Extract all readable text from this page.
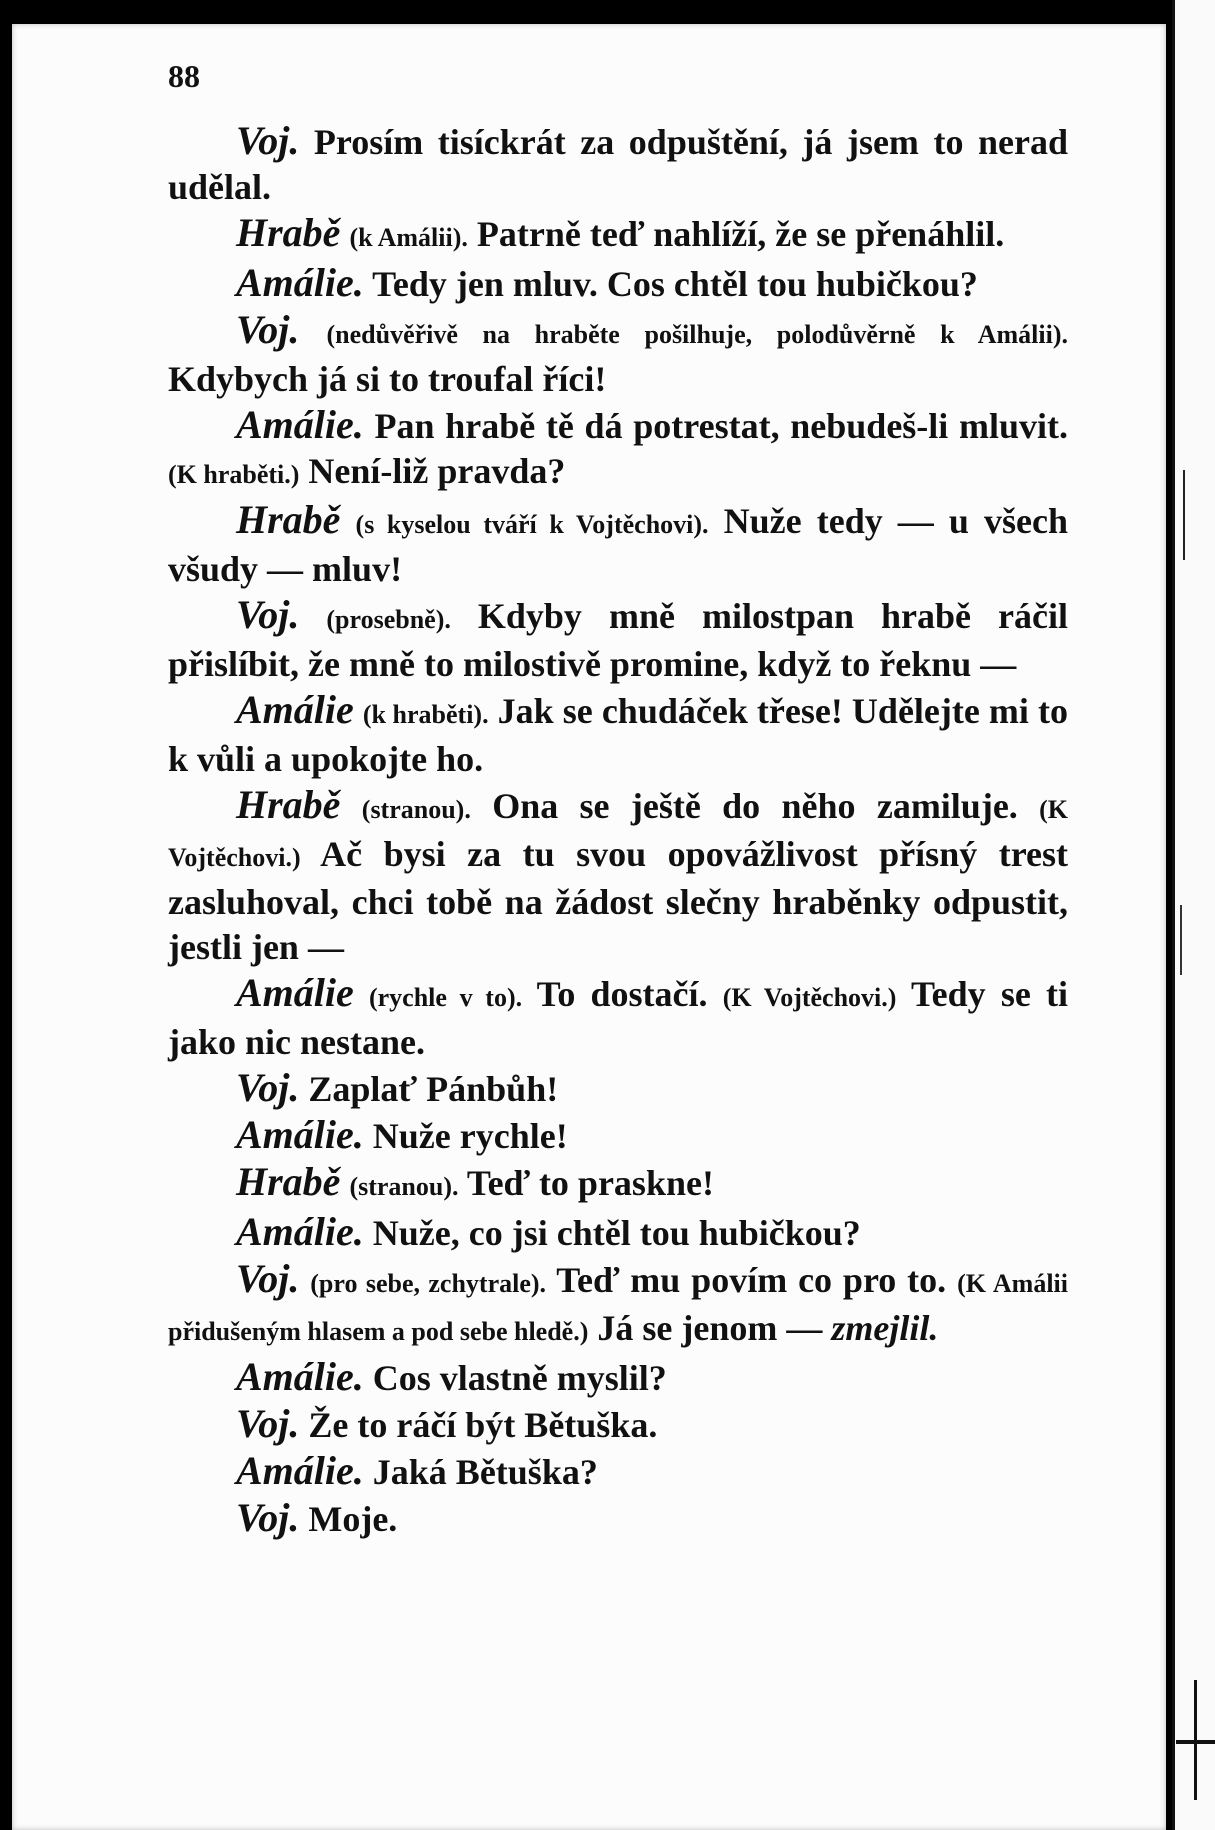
88

Voj. Prosím tisíckrát za odpuštění, já jsem to nerad udělal.

Hrabě (k Amálii). Patrně teď nahlíží, že se přenáhlil.

Amálie. Tedy jen mluv. Cos chtěl tou hubičkou?

Voj. (nedůvěřivě na hraběte pošilhuje, polodůvěrně k Amálii). Kdybych já si to troufal říci!

Amálie. Pan hrabě tě dá potrestat, nebudeš-li mluvit. (K hraběti.) Není-liž pravda?

Hrabě (s kyselou tváří k Vojtěchovi). Nuže tedy — u všech všudy — mluv!

Voj. (prosebně). Kdyby mně milostpan hrabě ráčil přislíbit, že mně to milostivě promine, když to řeknu —

Amálie (k hraběti). Jak se chudáček třese! Udělejte mi to k vůli a upokojte ho.

Hrabě (stranou). Ona se ještě do něho zamiluje. (K Vojtěchovi.) Ač bysi za tu svou opovážlivost přísný trest zasluhoval, chci tobě na žádost slečny hraběnky odpustit, jestli jen —

Amálie (rychle v to). To dostačí. (K Vojtěchovi.) Tedy se ti jako nic nestane.

Voj. Zaplať Pánbůh!

Amálie. Nuže rychle!

Hrabě (stranou). Teď to praskne!

Amálie. Nuže, co jsi chtěl tou hubičkou?

Voj. (pro sebe, zchytrale). Teď mu povím co pro to. (K Amálii přidušeným hlasem a pod sebe hledě.) Já se jenom — zmejlil.

Amálie. Cos vlastně myslil?

Voj. Že to ráčí být Bětuška.

Amálie. Jaká Bětuška?

Voj. Moje.
